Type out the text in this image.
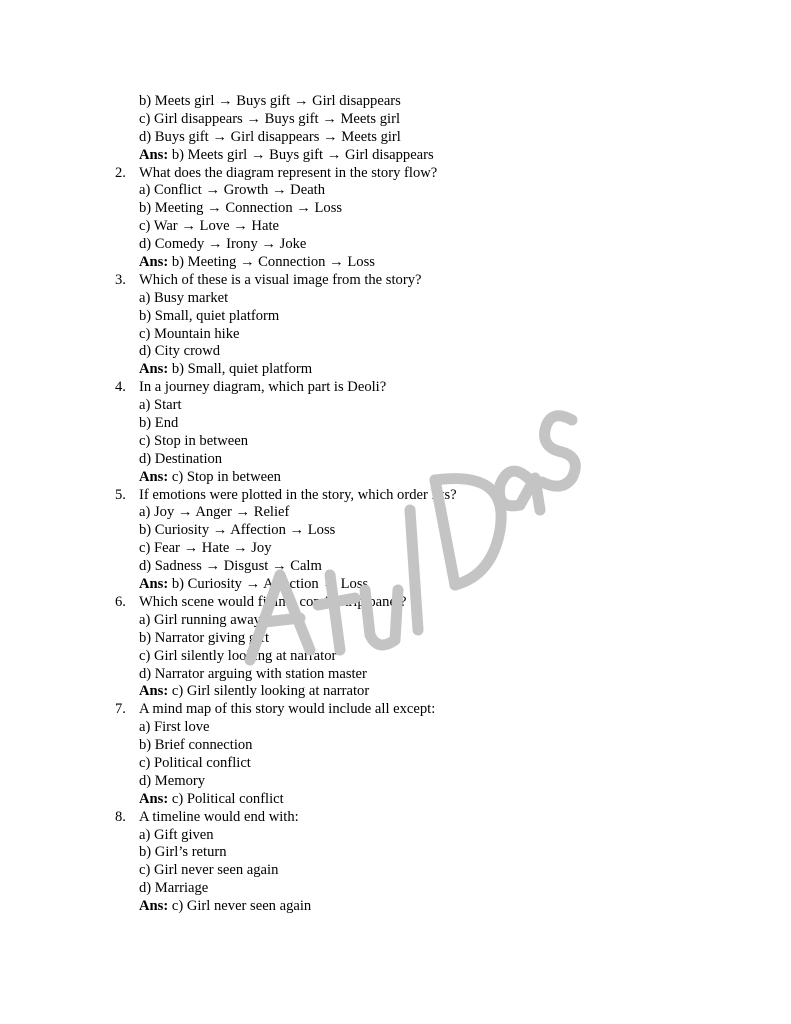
b) Meets girl → Buys gift → Girl disappears
c) Girl disappears → Buys gift → Meets girl
d) Buys gift → Girl disappears → Meets girl
Ans: b) Meets girl → Buys gift → Girl disappears
2. What does the diagram represent in the story flow?
a) Conflict → Growth → Death
b) Meeting → Connection → Loss
c) War → Love → Hate
d) Comedy → Irony → Joke
Ans: b) Meeting → Connection → Loss
3. Which of these is a visual image from the story?
a) Busy market
b) Small, quiet platform
c) Mountain hike
d) City crowd
Ans: b) Small, quiet platform
4. In a journey diagram, which part is Deoli?
a) Start
b) End
c) Stop in between
d) Destination
Ans: c) Stop in between
5. If emotions were plotted in the story, which order fits?
a) Joy → Anger → Relief
b) Curiosity → Affection → Loss
c) Fear → Hate → Joy
d) Sadness → Disgust → Calm
Ans: b) Curiosity → Affection → Loss
6. Which scene would fit in a comic strip panel?
a) Girl running away
b) Narrator giving gift
c) Girl silently looking at narrator
d) Narrator arguing with station master
Ans: c) Girl silently looking at narrator
7. A mind map of this story would include all except:
a) First love
b) Brief connection
c) Political conflict
d) Memory
Ans: c) Political conflict
8. A timeline would end with:
a) Gift given
b) Girl’s return
c) Girl never seen again
d) Marriage
Ans: c) Girl never seen again
